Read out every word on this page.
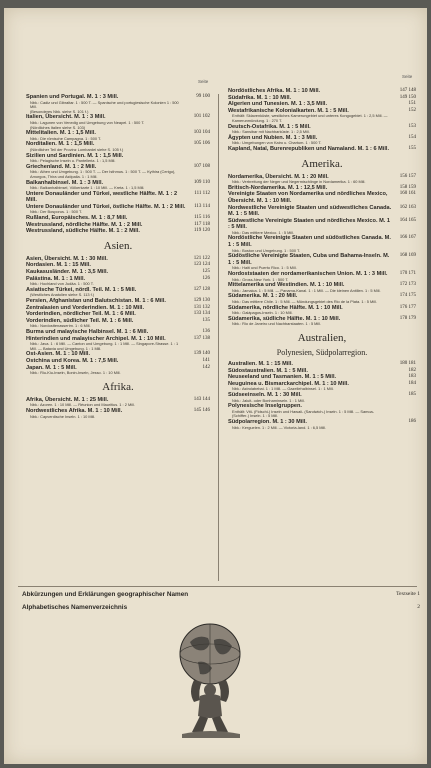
Seite
Seite
Spanien und Portugal. M. 1 : 3 Mill.	99 100
Nbk.: Cadiz und Gibraltar. 1 : 500 T. — Spanische und portugiesische Kolonien 1 : 500 Mill.
(Besonderes Nbk. siehe S. 101 f.)
Italien, Übersicht. M. 1 : 3 Mill.	101 102
Nbk.: Lagunen von Venedig und Umgebung von Neapel. 1 : 500 T.
(Nördliches Italien siehe S. 103)
Mittelitalien. M. 1 : 1,5 Mill.	103 104
Nbk.: Die römische Campagna. 1 : 500 T.
Norditalien. M. 1 : 1,5 Mill.	105 106
(Nördlicher Teil der Provinz Lombardei siehe S. 105 f.)
Sizilien und Sardinien. M. 1 : 1,5 Mill.
Nbk.: Pelagische Inseln u. Pantelleria. 1 : 1,5 Mill.
Griechenland. M. 1 : 2 Mill.	107 108
Nbk.: Athen und Umgebung. 1 : 500 T. — Der Isthmus. 1 : 500 T. — Kythira (Cerigo), Amorgos, Thira und Astipalia. 1 : 1 Mill.
Balkanhalbinsel. M. 1 : 3 Mill.	109 110
Nbk.: Balkanhalbinsel, Völkerkarte 1 : 10 Mill. — Kreta. 1 : 1,5 Mill.
Untere Donauländer und Türkei, westliche Hälfte. M. 1 : 2 Mill.
111 112
Untere Donauländer und Türkei, östliche Hälfte. M. 1 : 2 Mill.	113 114
Nbk.: Der Bosporus. 1 : 500 T.
Rußland, Europäisches. M. 1 : 8,7 Mill.	115 116
Westrussland, nördliche Hälfte. M. 1 : 2 Mill.	117 118
Westrussland, südliche Hälfte. M. 1 : 2 Mill.	119 120
Asien.
Asien, Übersicht. M. 1 : 30 Mill.	121 122
Nordasien. M. 1 : 15 Mill.	123 124
Kaukasusländer. M. 1 : 3,5 Mill.	125
Palästina. M. 1 : 1 Mill.	126
Nbk.: Hochland von Judäa. 1 : 500 T.
Asiatische Türkei, nördl. Teil. M. 1 : 5 Mill.	127 128
(Westliches Anatolien siehe S. 113 f.)
Persien, Afghanistan und Balutschistan. M. 1 : 6 Mill.	129 130
Zentralasien und Vorderindien. M. 1 : 10 Mill.	131 132
Vorderindien, nördlicher Teil. M. 1 : 6 Mill.	133 134
Vorderindien, südlicher Teil. M. 1 : 6 Mill.	135
Nbk.: Nordosttenasserim. 1 : 6 Mill.
Burma und malayische Halbinsel. M. 1 : 6 Mill.	136
Hinterindien und malayischer Archipel. M. 1 : 10 Mill.	137 138
Nbk.: Java. 1 : 6 Mill. — Canton und Umgebung. 1 : 1 Mill. — Singapore-Strasse. 1 : 1 Mill. — Batavia und Umgebung. 1 : 1 Mill.
Ost-Asien. M. 1 : 10 Mill.	139 140
Ostchina und Korea. M. 1 : 7,5 Mill.	141
Japan. M. 1 : 5 Mill.	142
Nbk.: Riu-Kiu-Inseln, Bonin-Inseln, Jesso. 1 : 10 Mill.
Afrika.
Afrika, Übersicht. M. 1 : 25 Mill.	143 144
Nbk.: Azoren. 1 : 10 Mill. — Réunion und Mauritius. 1 : 2 Mill.
Nordwestliches Afrika. M. 1 : 10 Mill.	145 146
Nbk.: Capverdische Inseln. 1 : 10 Mill.
Nordöstliches Afrika. M. 1 : 10 Mill.	147 148
Südafrika. M. 1 : 10 Mill.	149 150
Algerien und Tunesien. M. 1 : 3,5 Mill.	151
Westafrikanische Kolonialkarten. M. 1 : 5 Mill.	152
Enthält: Sklavenküste, westliches Kamerungebiet und unteres Kongogebiet. 1 : 2,5 Mill. — Kamerunmündung. 1 : 270 T.
Deutsch-Ostafrika. M. 1 : 5 Mill.	153
Nbk.: Sansibar mit Nachbarküste. 1 : 2,5 Mill.
Ägypten und Nubien. M. 1 : 3 Mill.	154
Nbk.: Umgebungen von Kairo u. Chartum. 1 : 500 T.
Kapland, Natal, Burenrepubliken und Namaland. M. 1 : 6 Mill.	155
Amerika.
Nordamerika, Übersicht. M. 1 : 20 Mill.	156 157
Nbk.: Verbreitung der Neger und Negermischlinge in Nordamerika. 1 : 60 Mill.
Britisch-Nordamerika. M. 1 : 12,5 Mill.	158 159
Vereinigte Staaten von Nordamerika und nördliches Mexico, Übersicht. M. 1 : 10 Mill.
160 161
Nordwestliche Vereinigte Staaten und südwestliches Canada. M. 1 : 5 Mill.
162 163
Südwestliche Vereinigte Staaten und nördliches Mexico. M. 1 : 5 Mill.
164 165
Nbk.: Das mittlere Mexico. 1 : 5 Mill.
Nordöstliche Vereinigte Staaten und südöstliches Canada. M. 1 : 5 Mill.
166 167
Nbk.: Boston und Umgebung. 1 : 500 T.
Südöstliche Vereinigte Staaten, Cuba und Bahama-Inseln. M. 1 : 5 Mill.
168 169
Nbk.: Haiti und Puerto Rico. 1 : 5 Mill.
Nordoststaaten der nordamerikanischen Union. M. 1 : 3 Mill.	170 171
Nbk.: Gross-New York. 1 : 500 T.
Mittelamerika und Westindien. M. 1 : 10 Mill.	172 173
Nbk.: Jamaica. 1 : 5 Mill. — Panama-Kanal. 1 : 1 Mill. — Die kleinen Antillen. 1 : 5 Mill.
Südamerika. M. 1 : 20 Mill.	174 175
Nbk.: Das mittlere Chile. 1 : 5 Mill. — Mündungsgebiet des Rio de la Plata. 1 : 5 Mill.
Südamerika, nördliche Hälfte. M. 1 : 10 Mill.	176 177
Nbk.: Galápagos-Inseln. 1 : 10 Mill.
Südamerika, südliche Hälfte. M. 1 : 10 Mill.	178 179
Nbk.: Rio de Janeiro und Nachbarstaaten. 1 : 5 Mill.
Australien,
Polynesien, Südpolarregion.
Australien. M. 1 : 15 Mill.	180 181
Südostaustralien. M. 1 : 5 Mill.	182
Neuseeland und Tasmanien. M. 1 : 5 Mill.	183
Neuguinea u. Bismarckarchipel. M. 1 : 10 Mill.	184
Nbk.: Astrolabebai. 1 : 1 Mill. — Gazellehalbinsel. 1 : 1 Mill.
Südseeinseln. M. 1 : 30 Mill.	185
Nbk.: Jaluit- oder Bonhaminseln. 1 : 1 Mill.
Polynesische Inselgruppen.
Enthält: Viti- (Fidschi-) Inseln und Hawaii- (Sandwich-) Inseln. 1 : 5 Mill. — Samoa- (Schiffer-) Inseln. 1 : 5 Mill.
Südpolarregion. M. 1 : 30 Mill.	186
Nbk.: Kerguelen. 1 : 2 Mill. — Victoria-land. 1 : 6,5 Mill.
Abkürzungen und Erklärungen geographischer Namen	Textseite 1
Alphabetisches Namenverzeichnis	2
